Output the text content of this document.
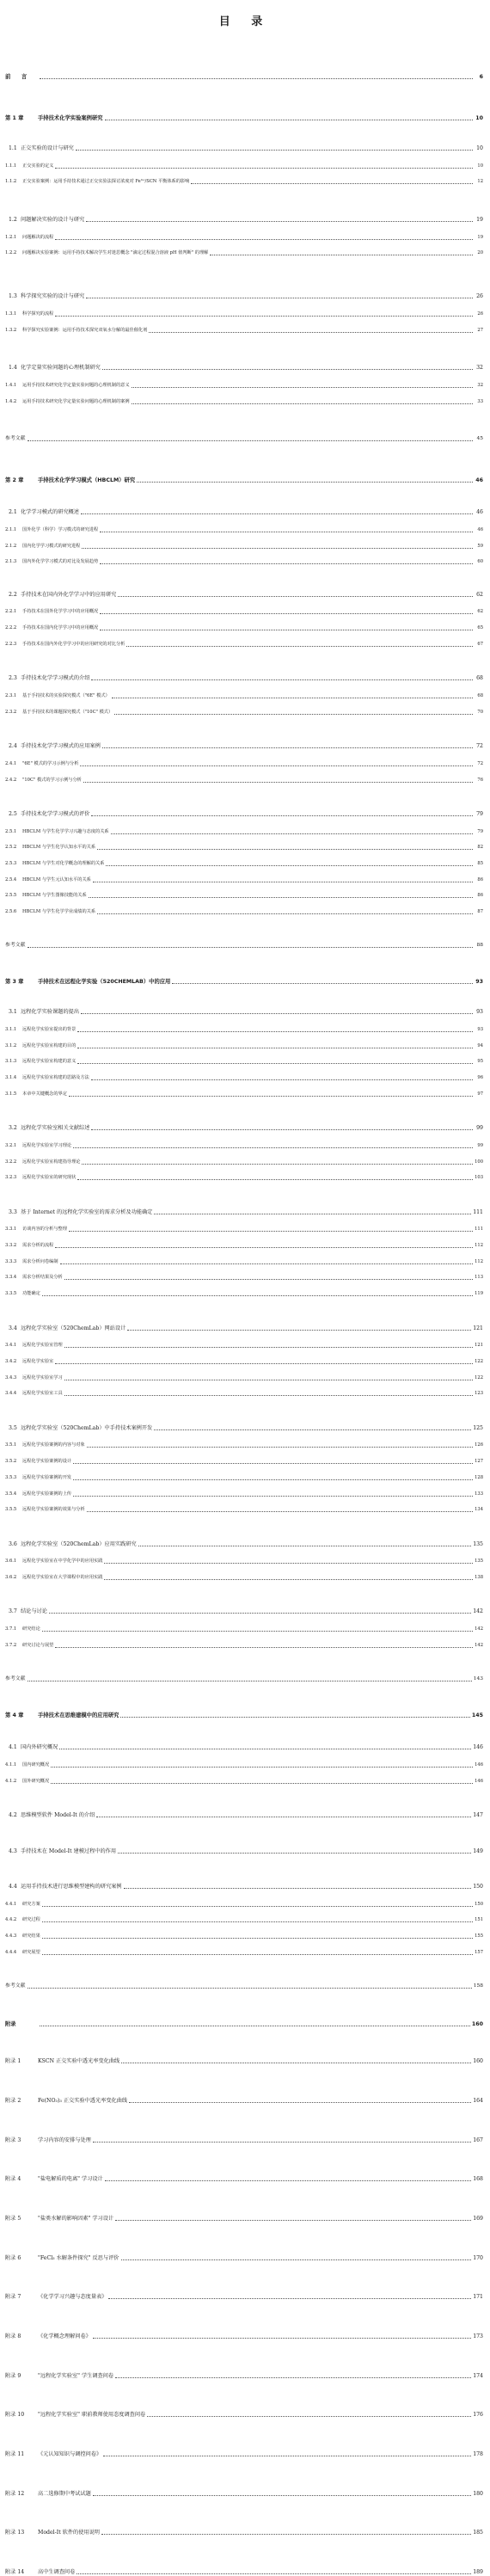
目 录
前　　言	6
第 1 章	手持技术化学实验案例研究	10
1.1 正交实验的设计与研究	10
1.1.1	正交实验的定义	10
1.1.2	正交实验案例：运用手持技术通过正交实验法探讨浓度对 Fe³⁺/SCN 平衡体系的影响	12
1.2 问题解决实验的设计与研究	19
1.2.1	问题解决的流程	19
1.2.2	问题解决实验案例：运用手持技术解决学生对迷思概念 "滴定过程混合溶液 pH 值判断" 的理解	20
1.3 科学探究实验的设计与研究	26
1.3.1	科学探究的流程	26
1.3.2	科学探究实验案例：运用手持技术探究双氧水分解的最佳催化剂	27
1.4 化学定量实验问题的心理机制研究	32
1.4.1	运用手持技术研究化学定量实验问题的心理机制的意义	32
1.4.2	运用手持技术研究化学定量实验问题的心理机制的案例	33
参考文献	45
第 2 章	手持技术化学学习模式（HBCLM）研究	46
2.1 化学学习模式的研究概述	46
2.1.1	国外化学（科学）学习模式的研究进程	46
2.1.2	国内化学学习模式的研究进程	59
2.1.3	国内外化学学习模式的对比及发展趋势	60
2.2 手持技术在国内外化学学习中的应用研究	62
2.2.1	手持技术在国外化学学习中的应用概况	62
2.2.2	手持技术在国内化学学习中的应用概况	65
2.2.3	手持技术在国内外化学学习中的应用研究的对比分析	67
2.3 手持技术化学学习模式的介绍	68
2.3.1	基于手持技术的实验探究模式（"6E" 模式）	68
2.3.2	基于手持技术的课题探究模式（"10C" 模式）	70
2.4 手持技术化学学习模式的应用案例	72
2.4.1	"6E" 模式的学习示例与分析	72
2.4.2	"10C" 模式的学习示例与分析	76
2.5 手持技术化学学习模式的评价	79
2.5.1	HBCLM 与学生化学学习兴趣与态度的关系	79
2.5.2	HBCLM 与学生化学认知水平的关系	82
2.5.3	HBCLM 与学生对化学概念的理解的关系	85
2.5.4	HBCLM 与学生元认知水平的关系	86
2.5.5	HBCLM 与学生图像技能的关系	86
2.5.6	HBCLM 与学生化学学业成绩的关系	87
参考文献	88
第 3 章	手持技术在远程化学实验（520CHEMLAB）中的应用	93
3.1 远程化学实验课题的提出	93
3.1.1	远程化学实验室提出的背景	93
3.1.2	远程化学实验室构建的目的	94
3.1.3	远程化学实验室构建的意义	95
3.1.4	远程化学实验室构建的思路及方法	96
3.1.5	本章中关键概念的界定	97
3.2 远程化学实验室相关文献综述	99
3.2.1	远程化学实验室学习理论	99
3.2.2	远程化学实验室构建指导理论	100
3.2.3	远程化学实验室的研究现状	103
3.3 基于 Internet 的远程化学实验室的需求分析及功能确定	111
3.3.1	访谈内容的分析与整理	111
3.3.2	需求分析的流程	112
3.3.3	需求分析问卷编制	112
3.3.4	需求分析结果及分析	113
3.3.5	功能确定	119
3.4 远程化学实验室（520ChemLab）网站设计	121
3.4.1	远程化学实验室管理	121
3.4.2	远程化学实验室	122
3.4.3	远程化学实验室学习	122
3.4.4	远程化学实验室工具	123
3.5 远程化学实验室（520ChemLab）中手持技术案例开发	125
3.5.1	远程化学实验案例的内容与对象	126
3.5.2	远程化学实验案例的设计	127
3.5.3	远程化学实验案例的开发	128
3.5.4	远程化学实验案例的上传	133
3.5.5	远程化学实验案例的效果与分析	134
3.6 远程化学实验室（520ChemLab）应用实践研究	135
3.6.1	远程化学实验室在中学化学中的应用实践	135
3.6.2	远程化学实验室在大学课程中的应用实践	138
3.7 结论与讨论	142
3.7.1	研究结论	142
3.7.2	研究讨论与展望	142
参考文献	143
第 4 章	手持技术在思维建模中的应用研究	145
4.1 国内外研究概况	146
4.1.1	国内研究概况	146
4.1.2	国外研究概况	146
4.2 思维模型软件 Model-It 的介绍	147
4.3 手持技术在 Model-It 建模过程中的作用	149
4.4 运用手持技术进行思维模型建构的研究案例	150
4.4.1	研究方案	150
4.4.2	研究过程	151
4.4.3	研究结果	155
4.4.4	研究展望	157
参考文献	158
附录	160
附录 1	KSCN 正交实验中透光率变化曲线	160
附录 2	Fe(NO₃)₃ 正交实验中透光率变化曲线	164
附录 3	学习内容的安排与处理	167
附录 4	"盐电解质的电离" 学习设计	168
附录 5	"盐类水解的影响因素" 学习设计	169
附录 6	"FeCl₃ 水解条件探究" 反思与评价	170
附录 7	《化学学习兴趣与态度量表》	171
附录 8	《化学概念理解问卷》	173
附录 9	"远程化学实验室" 学生调查问卷	174
附录 10	"远程化学实验室" 职前教师使用态度调查问卷	176
附录 11	《元认知知识与调控问卷》	178
附录 12	高二选修期中考试试题	180
附录 13	Model-It 软件的使用说明	185
附录 14	高中生调查问卷	189
